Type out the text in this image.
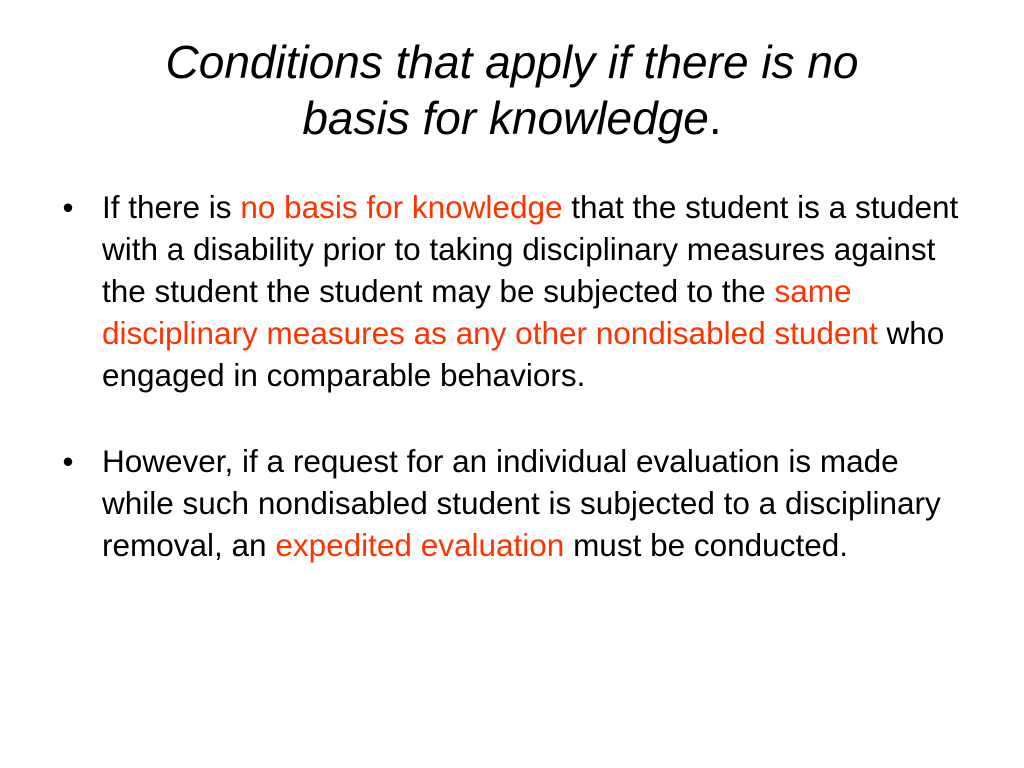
Conditions that apply if there is no
basis for knowledge.
• If there is no basis for knowledge that the student is a student with a disability prior to taking disciplinary measures against the student the student may be subjected to the same disciplinary measures as any other nondisabled student who engaged in comparable behaviors.
• However, if a request for an individual evaluation is made while such nondisabled student is subjected to a disciplinary removal, an expedited evaluation must be conducted.
